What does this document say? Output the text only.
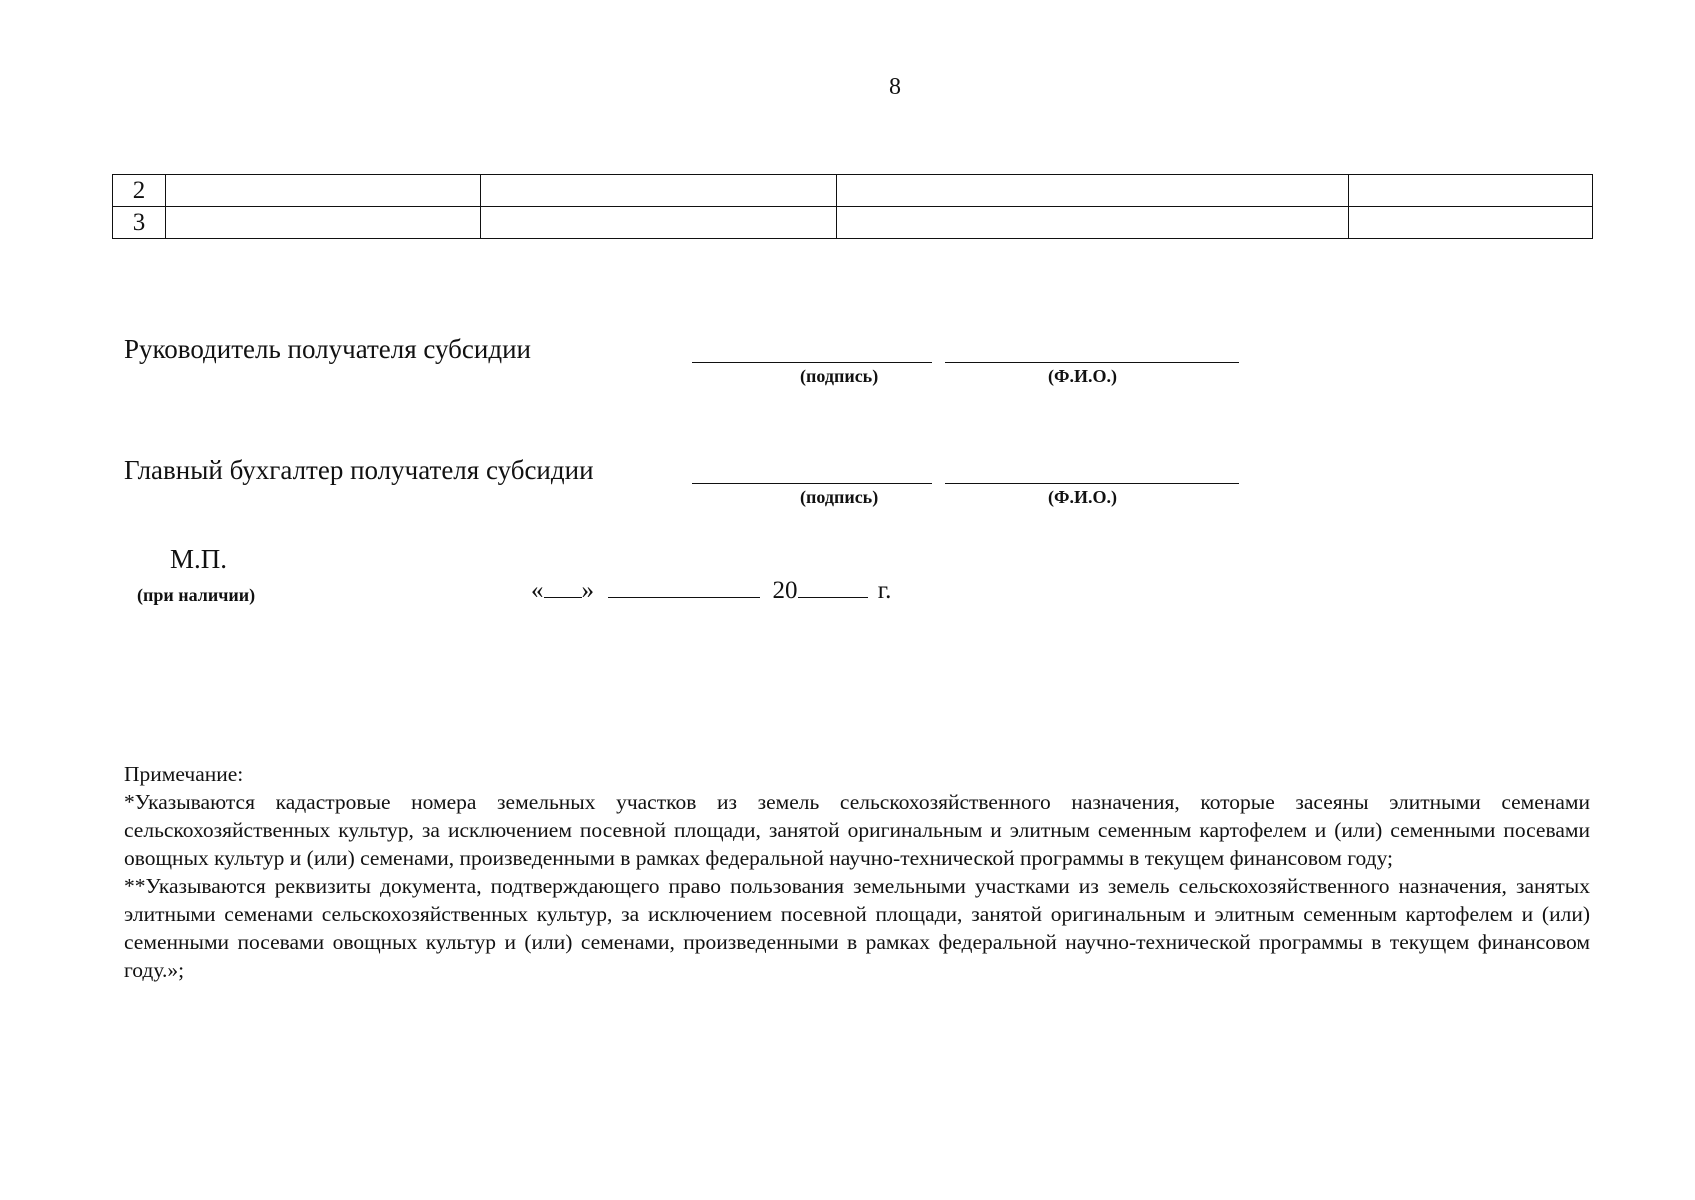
8
2				
3				
Руководитель получателя субсидии
(подпись)	(Ф.И.О.)
Главный бухгалтер получателя субсидии
(подпись)	(Ф.И.О.)
М.П.
(при наличии)	« »	20	г.

Примечание:

*Указываются кадастровые номера земельных участков из земель сельскохозяйственного назначения, которые засеяны элитными семенами сельскохозяйственных культур, за исключением посевной площади, занятой оригинальным и элитным семенным картофелем и (или) семенными посевами овощных культур и (или) семенами, произведенными в рамках федеральной научно-технической программы в текущем финансовом году;

**Указываются реквизиты документа, подтверждающего право пользования земельными участками из земель сельскохозяйственного назначения, занятых элитными семенами сельскохозяйственных культур, за исключением посевной площади, занятой оригинальным и элитным семенным картофелем и (или) семенными посевами овощных культур и (или) семенами, произведенными в рамках федеральной научно-технической программы в текущем финансовом году.»;
